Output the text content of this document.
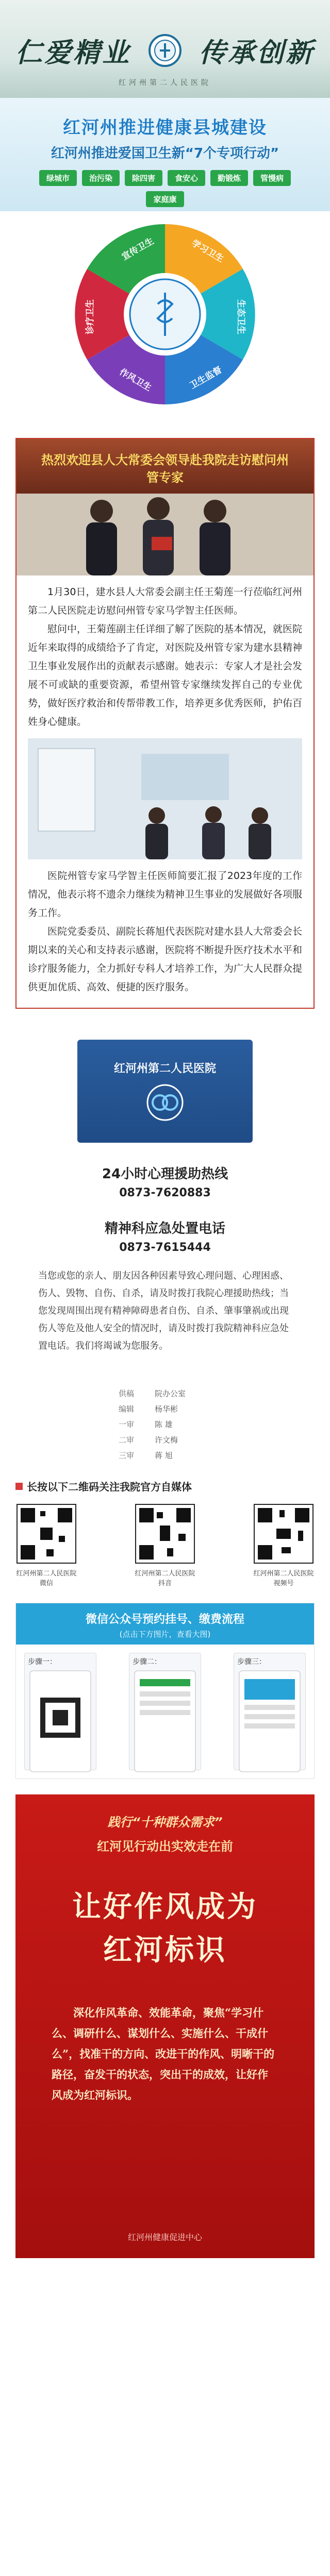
仁爱精业	传承创新
红河州第二人民医院
红河州推进健康县城建设
红河州推进爱国卫生新“7个专项行动”
绿城市	治污染	除四害	食安心	勤锻炼	管慢病
家庭康
宣传卫生	学习卫生
生态卫生
卫生监督
作风卫生
诊疗卫生
热烈欢迎县人大常委会领导赴我院走访慰问州管专家

1月30日，建水县人大常委会副主任王菊莲一行莅临红河州第二人民医院走访慰问州管专家马学智主任医师。

慰问中，王菊莲副主任详细了解了医院的基本情况，就医院近年来取得的成绩给予了肯定，对医院及州管专家为建水县精神卫生事业发展作出的贡献表示感谢。她表示：专家人才是社会发展不可或缺的重要资源，希望州管专家继续发挥自己的专业优势，做好医疗救治和传帮带教工作，培养更多优秀医师，护佑百姓身心健康。

医院州管专家马学智主任医师简要汇报了2023年度的工作情况，他表示将不遗余力继续为精神卫生事业的发展做好各项服务工作。

医院党委委员、副院长蒋旭代表医院对建水县人大常委会长期以来的关心和支持表示感谢，医院将不断提升医疗技术水平和诊疗服务能力，全力抓好专科人才培养工作，为广大人民群众提供更加优质、高效、便捷的医疗服务。

红河州第二人民医院
24小时心理援助热线
0873-7620883
精神科应急处置电话
0873-7615444

当您或您的亲人、朋友因各种因素导致心理问题、心理困惑、伤人、毁物、自伤、自杀，请及时拨打我院心理援助热线；当您发现周围出现有精神障碍患者自伤、自杀、肇事肇祸或出现伤人等危及他人安全的情况时，请及时拨打我院精神科应急处置电话。我们将竭诚为您服务。

供稿	院办公室
编辑	杨华彬
一审	陈 雄
二审	许文梅
三审	蒋 旭
长按以下二维码关注我院官方自媒体
红河州第二人民医院微信
红河州第二人民医院抖音
红河州第二人民医院视频号
微信公众号预约挂号、缴费流程
(点击下方图片，查看大图)
步骤一：	步骤二：	步骤三：
践行“十种群众需求”
红河见行动出实效走在前
让好作风成为
红河标识

深化作风革命、效能革命，聚焦“学习什么、调研什么、谋划什么、实施什么、干成什么”，找准干的方向、改进干的作风、明晰干的路径，奋发干的状态，突出干的成效，让好作风成为红河标识。

红河州健康促进中心
